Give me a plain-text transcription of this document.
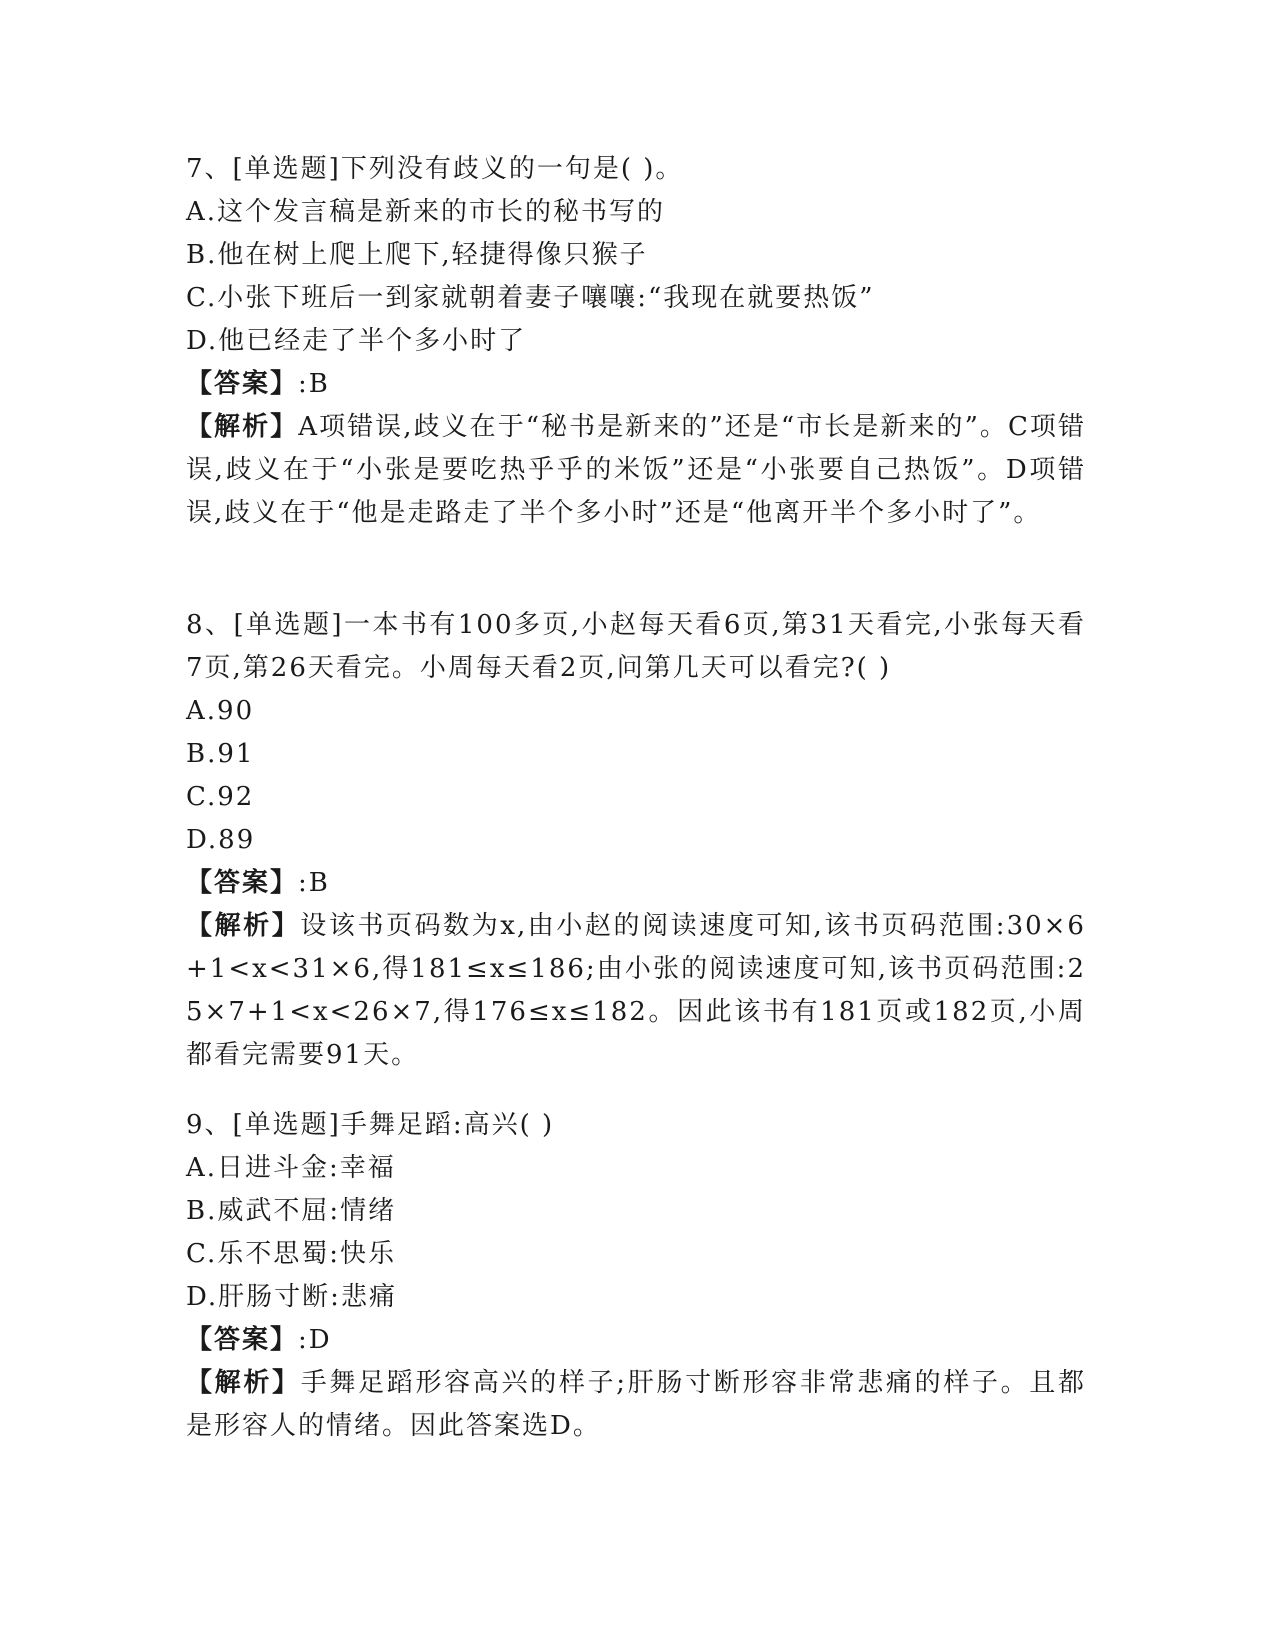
7、[单选题]下列没有歧义的一句是( )。
A.这个发言稿是新来的市长的秘书写的
B.他在树上爬上爬下,轻捷得像只猴子
C.小张下班后一到家就朝着妻子嚷嚷:“我现在就要热饭”
D.他已经走了半个多小时了
【答案】:B
【解析】A项错误,歧义在于“秘书是新来的”还是“市长是新来的”。C项错误,歧义在于“小张是要吃热乎乎的米饭”还是“小张要自己热饭”。D项错误,歧义在于“他是走路走了半个多小时”还是“他离开半个多小时了”。
8、[单选题]一本书有100多页,小赵每天看6页,第31天看完,小张每天看7页,第26天看完。小周每天看2页,问第几天可以看完?( )
A.90
B.91
C.92
D.89
【答案】:B
【解析】设该书页码数为x,由小赵的阅读速度可知,该书页码范围:30×6+1<x<31×6,得181≤x≤186;由小张的阅读速度可知,该书页码范围:25×7+1<x<26×7,得176≤x≤182。因此该书有181页或182页,小周都看完需要91天。
9、[单选题]手舞足蹈:高兴( )
A.日进斗金:幸福
B.威武不屈:情绪
C.乐不思蜀:快乐
D.肝肠寸断:悲痛
【答案】:D
【解析】手舞足蹈形容高兴的样子;肝肠寸断形容非常悲痛的样子。且都是形容人的情绪。因此答案选D。
